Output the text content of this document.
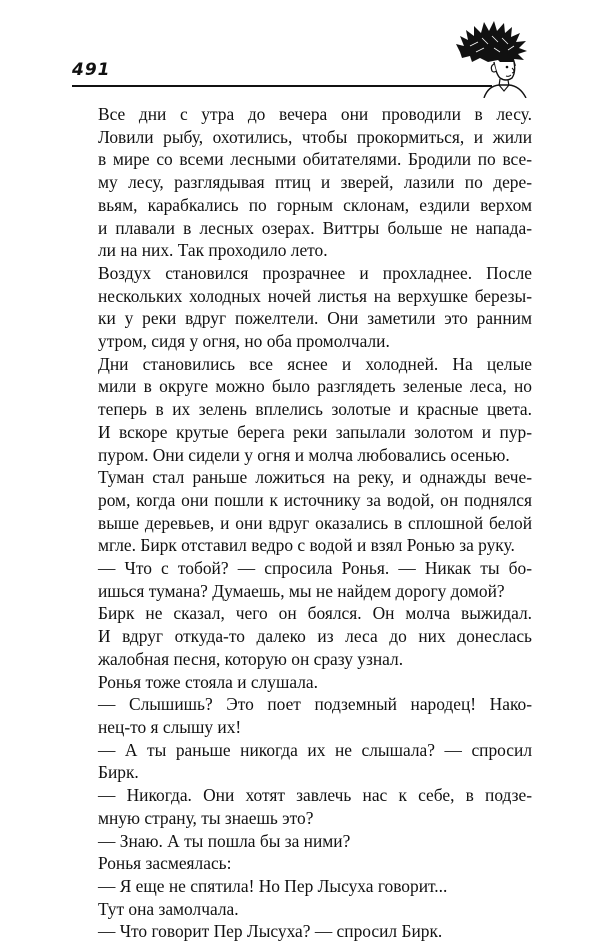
491
Все дни с утра до вечера они проводили в лесу.
Ловили рыбу, охотились, чтобы прокормиться, и жили
в мире со всеми лесными обитателями. Бродили по все-
му лесу, разглядывая птиц и зверей, лазили по дере-
вьям, карабкались по горным склонам, ездили верхом
и плавали в лесных озерах. Виттры больше не напада-
ли на них. Так проходило лето.
Воздух становился прозрачнее и прохладнее. После
нескольких холодных ночей листья на верхушке березы-
ки у реки вдруг пожелтели. Они заметили это ранним
утром, сидя у огня, но оба промолчали.
Дни становились все яснее и холодней. На целые
мили в округе можно было разглядеть зеленые леса, но
теперь в их зелень вплелись золотые и красные цвета.
И вскоре крутые берега реки запылали золотом и пур-
пуром. Они сидели у огня и молча любовались осенью.
Туман стал раньше ложиться на реку, и однажды вече-
ром, когда они пошли к источнику за водой, он поднялся
выше деревьев, и они вдруг оказались в сплошной белой
мгле. Бирк отставил ведро с водой и взял Ронью за руку.
— Что с тобой? — спросила Ронья. — Никак ты бо-
ишься тумана? Думаешь, мы не найдем дорогу домой?
Бирк не сказал, чего он боялся. Он молча выжидал.
И вдруг откуда-то далеко из леса до них донеслась
жалобная песня, которую он сразу узнал.
Ронья тоже стояла и слушала.
— Слышишь? Это поет подземный народец! Нако-
нец-то я слышу их!
— А ты раньше никогда их не слышала? — спросил
Бирк.
— Никогда. Они хотят завлечь нас к себе, в подзе-
мную страну, ты знаешь это?
— Знаю. А ты пошла бы за ними?
Ронья засмеялась:
— Я еще не спятила! Но Пер Лысуха говорит...
Тут она замолчала.
— Что говорит Пер Лысуха? — спросил Бирк.
